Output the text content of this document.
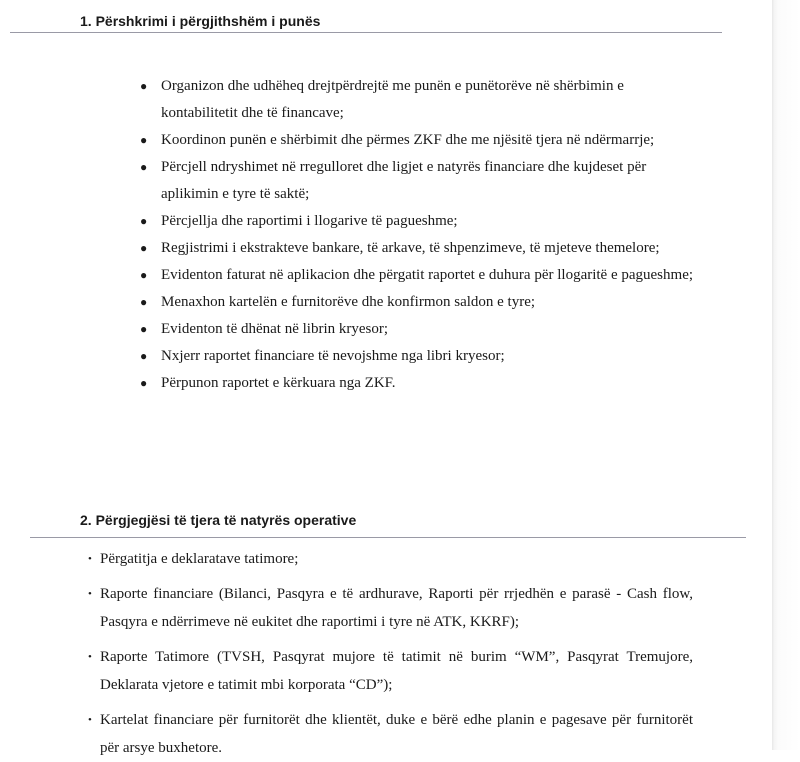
1. Përshkrimi i përgjithshëm i punës
● Organizon dhe udhëheq drejtpërdrejtë me punën e punëtorëve në shërbimin e kontabilitetit dhe të financave;
● Koordinon punën e shërbimit dhe përmes ZKF dhe me njësitë tjera në ndërmarrje;
● Përcjell ndryshimet në rregulloret dhe ligjet e natyrës financiare dhe kujdeset për aplikimin e tyre të saktë;
● Përcjellja dhe raportimi i llogarive të pagueshme;
● Regjistrimi i ekstrakteve bankare, të arkave, të shpenzimeve, të mjeteve themelore;
● Evidenton faturat në aplikacion dhe përgatit raportet e duhura për llogaritë e pagueshme;
● Menaxhon kartelën e furnitorëve dhe konfirmon saldon e tyre;
● Evidenton të dhënat në librin kryesor;
● Nxjerr raportet financiare të nevojshme nga libri kryesor;
● Përpunon raportet e kërkuara nga ZKF.
2. Përgjegjësi të tjera të natyrës operative
• Përgatitja e deklaratave tatimore;
• Raporte financiare (Bilanci, Pasqyra e të ardhurave, Raporti për rrjedhën e parasë - Cash flow, Pasqyra e ndërrimeve në eukitet dhe raportimi i tyre në ATK, KKRF);
• Raporte Tatimore (TVSH, Pasqyrat mujore të tatimit në burim “WM”, Pasqyrat Tremujore, Deklarata vjetore e tatimit mbi korporata “CD”);
• Kartelat financiare për furnitorët dhe klientët, duke e bërë edhe planin e pagesave për furnitorët për arsye buxhetore.
